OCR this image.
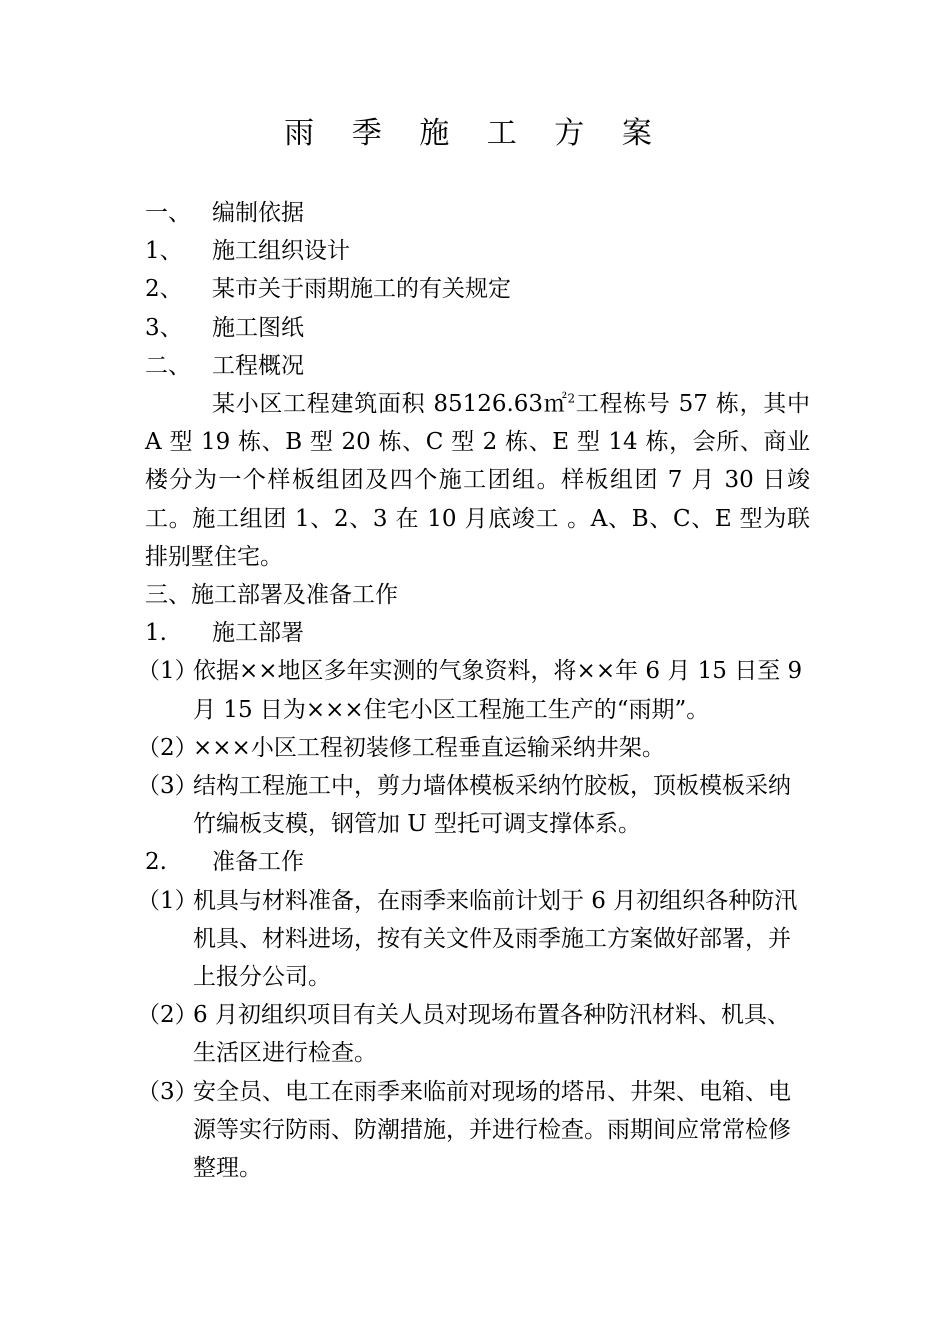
雨 季 施 工 方 案
一、 编制依据
1、 施工组织设计
2、 某市关于雨期施工的有关规定
3、 施工图纸
二、 工程概况
某小区工程建筑面积 85126.63㎡$^2$工程栋号 57 栋，其中 A 型 19 栋、B 型 20 栋、C 型 2 栋、E 型 14 栋，会所、商业楼分为一个样板组团及四个施工团组。样板组团 7 月 30 日竣工。施工组团 1、2、3 在 10 月底竣工 。A、B、C、E 型为联排别墅住宅。
三、施工部署及准备工作
1. 施工部署
（1）依据××地区多年实测的气象资料，将××年 6 月 15 日至 9 月 15 日为×××住宅小区工程施工生产的“雨期”。
（2）×××小区工程初装修工程垂直运输采纳井架。
（3）结构工程施工中，剪力墙体模板采纳竹胶板，顶板模板采纳竹编板支模，钢管加 U 型托可调支撑体系。
2. 准备工作
（1）机具与材料准备，在雨季来临前计划于 6 月初组织各种防汛机具、材料进场，按有关文件及雨季施工方案做好部署，并上报分公司。
（2）6 月初组织项目有关人员对现场布置各种防汛材料、机具、生活区进行检查。
（3）安全员、电工在雨季来临前对现场的塔吊、井架、电箱、电源等实行防雨、防潮措施，并进行检查。雨期间应常常检修整理。
